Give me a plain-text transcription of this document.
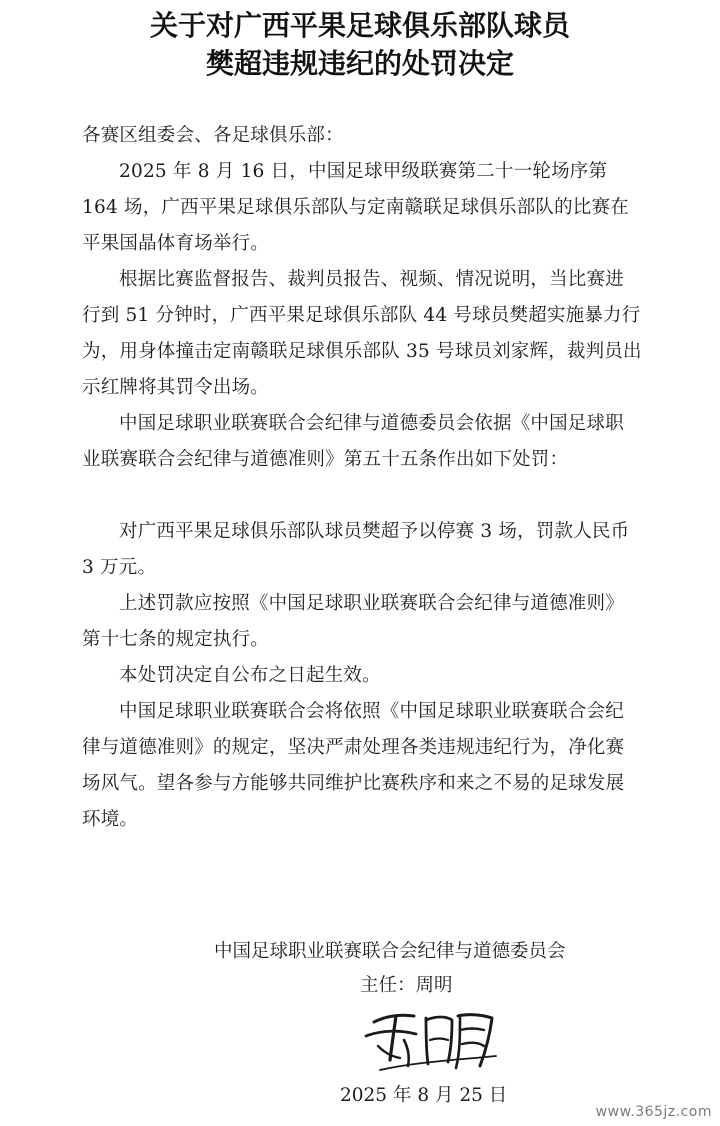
关于对广西平果足球俱乐部队球员
樊超违规违纪的处罚决定
各赛区组委会、各足球俱乐部：

2025 年 8 月 16 日，中国足球甲级联赛第二十一轮场序第 164 场，广西平果足球俱乐部队与定南赣联足球俱乐部队的比赛在平果国晶体育场举行。

根据比赛监督报告、裁判员报告、视频、情况说明，当比赛进行到 51 分钟时，广西平果足球俱乐部队 44 号球员樊超实施暴力行为，用身体撞击定南赣联足球俱乐部队 35 号球员刘家辉，裁判员出示红牌将其罚令出场。

中国足球职业联赛联合会纪律与道德委员会依据《中国足球职业联赛联合会纪律与道德准则》第五十五条作出如下处罚：

对广西平果足球俱乐部队球员樊超予以停赛 3 场，罚款人民币 3 万元。

上述罚款应按照《中国足球职业联赛联合会纪律与道德准则》第十七条的规定执行。

本处罚决定自公布之日起生效。

中国足球职业联赛联合会将依照《中国足球职业联赛联合会纪律与道德准则》的规定，坚决严肃处理各类违规违纪行为，净化赛场风气。望各参与方能够共同维护比赛秩序和来之不易的足球发展环境。

中国足球职业联赛联合会纪律与道德委员会
主任：周明
2025 年 8 月 25 日
www.365jz.com
